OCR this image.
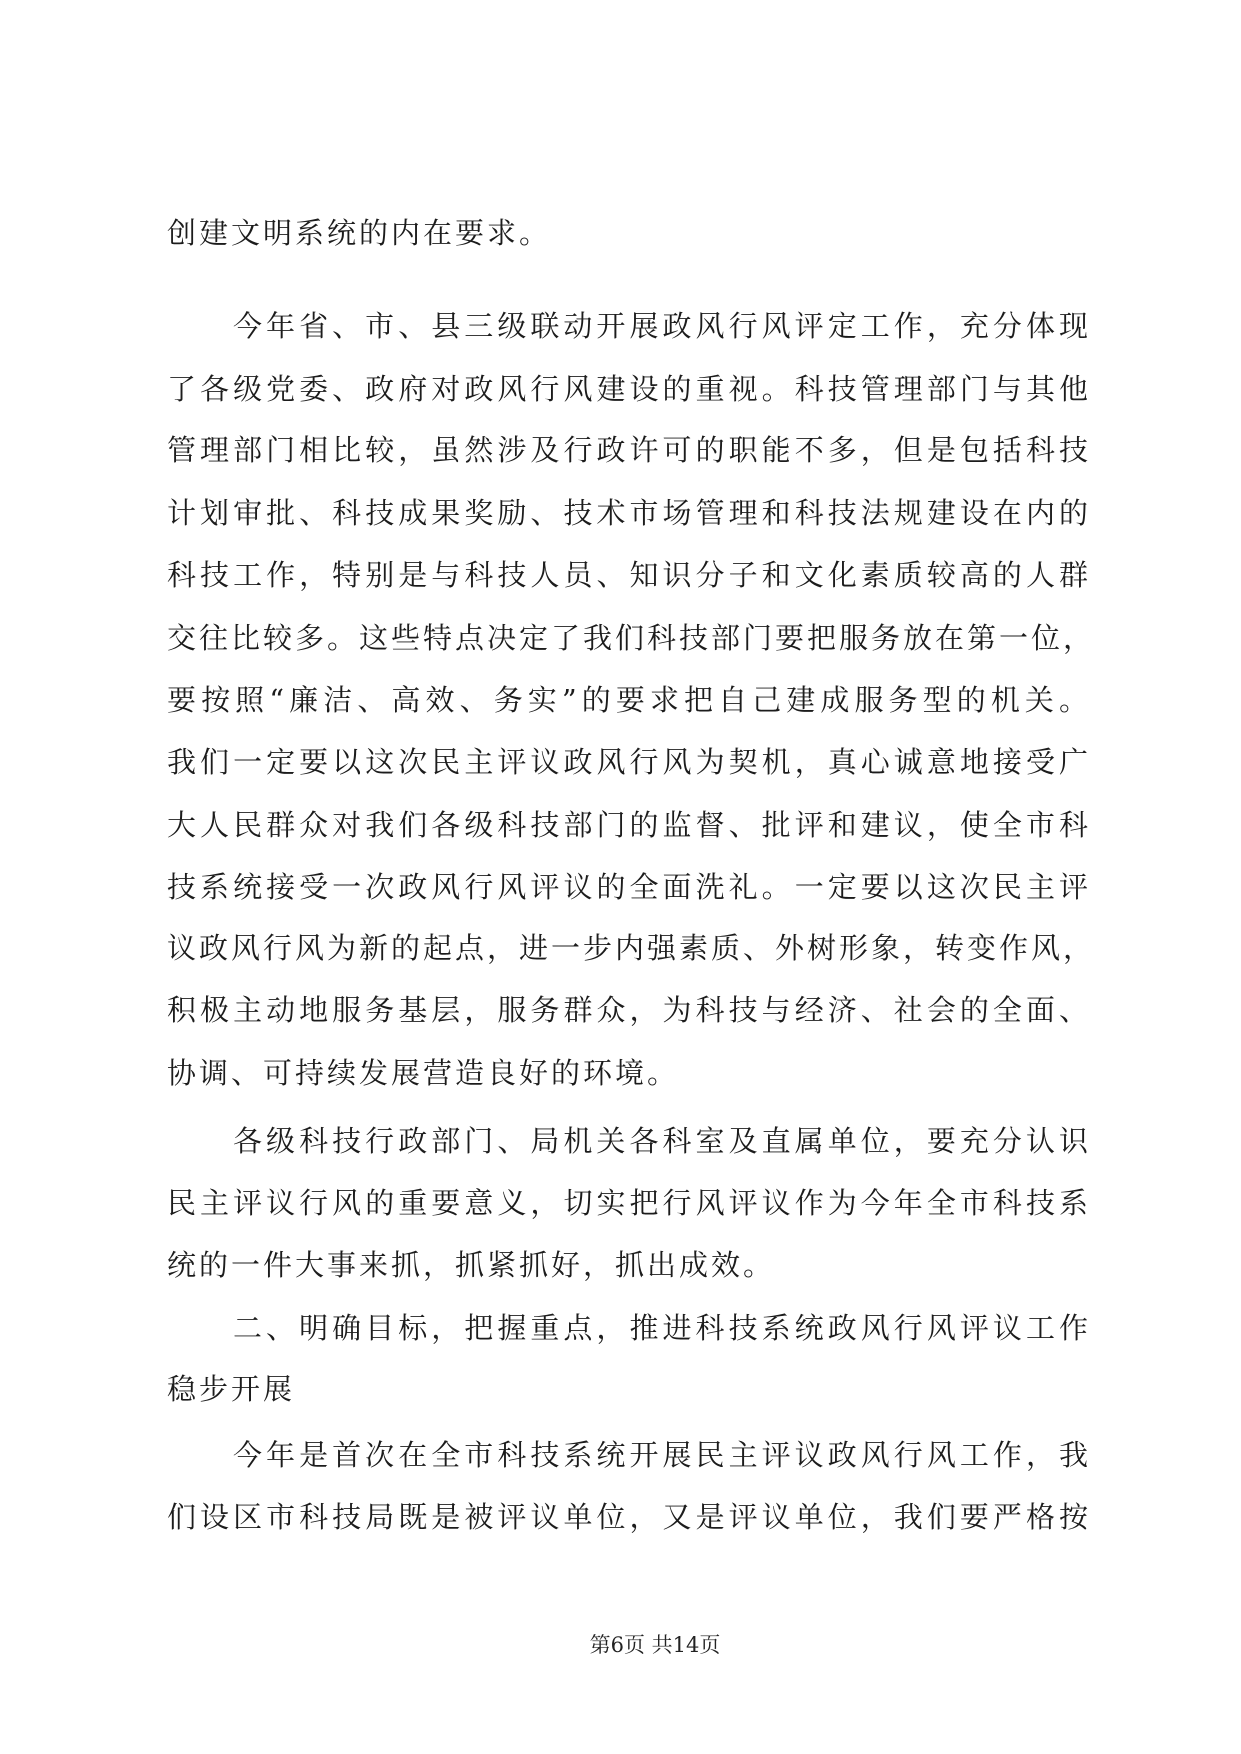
创建文明系统的内在要求。
今年省、市、县三级联动开展政风行风评定工作，充分体现
了各级党委、政府对政风行风建设的重视。科技管理部门与其他
管理部门相比较，虽然涉及行政许可的职能不多，但是包括科技
计划审批、科技成果奖励、技术市场管理和科技法规建设在内的
科技工作，特别是与科技人员、知识分子和文化素质较高的人群
交往比较多。这些特点决定了我们科技部门要把服务放在第一位，
要按照“廉洁、高效、务实”的要求把自己建成服务型的机关。
我们一定要以这次民主评议政风行风为契机，真心诚意地接受广
大人民群众对我们各级科技部门的监督、批评和建议，使全市科
技系统接受一次政风行风评议的全面洗礼。一定要以这次民主评
议政风行风为新的起点，进一步内强素质、外树形象，转变作风，
积极主动地服务基层，服务群众，为科技与经济、社会的全面、
协调、可持续发展营造良好的环境。
各级科技行政部门、局机关各科室及直属单位，要充分认识
民主评议行风的重要意义，切实把行风评议作为今年全市科技系
统的一件大事来抓，抓紧抓好，抓出成效。
二、明确目标，把握重点，推进科技系统政风行风评议工作
稳步开展
今年是首次在全市科技系统开展民主评议政风行风工作，我
们设区市科技局既是被评议单位，又是评议单位，我们要严格按
第6页 共14页
